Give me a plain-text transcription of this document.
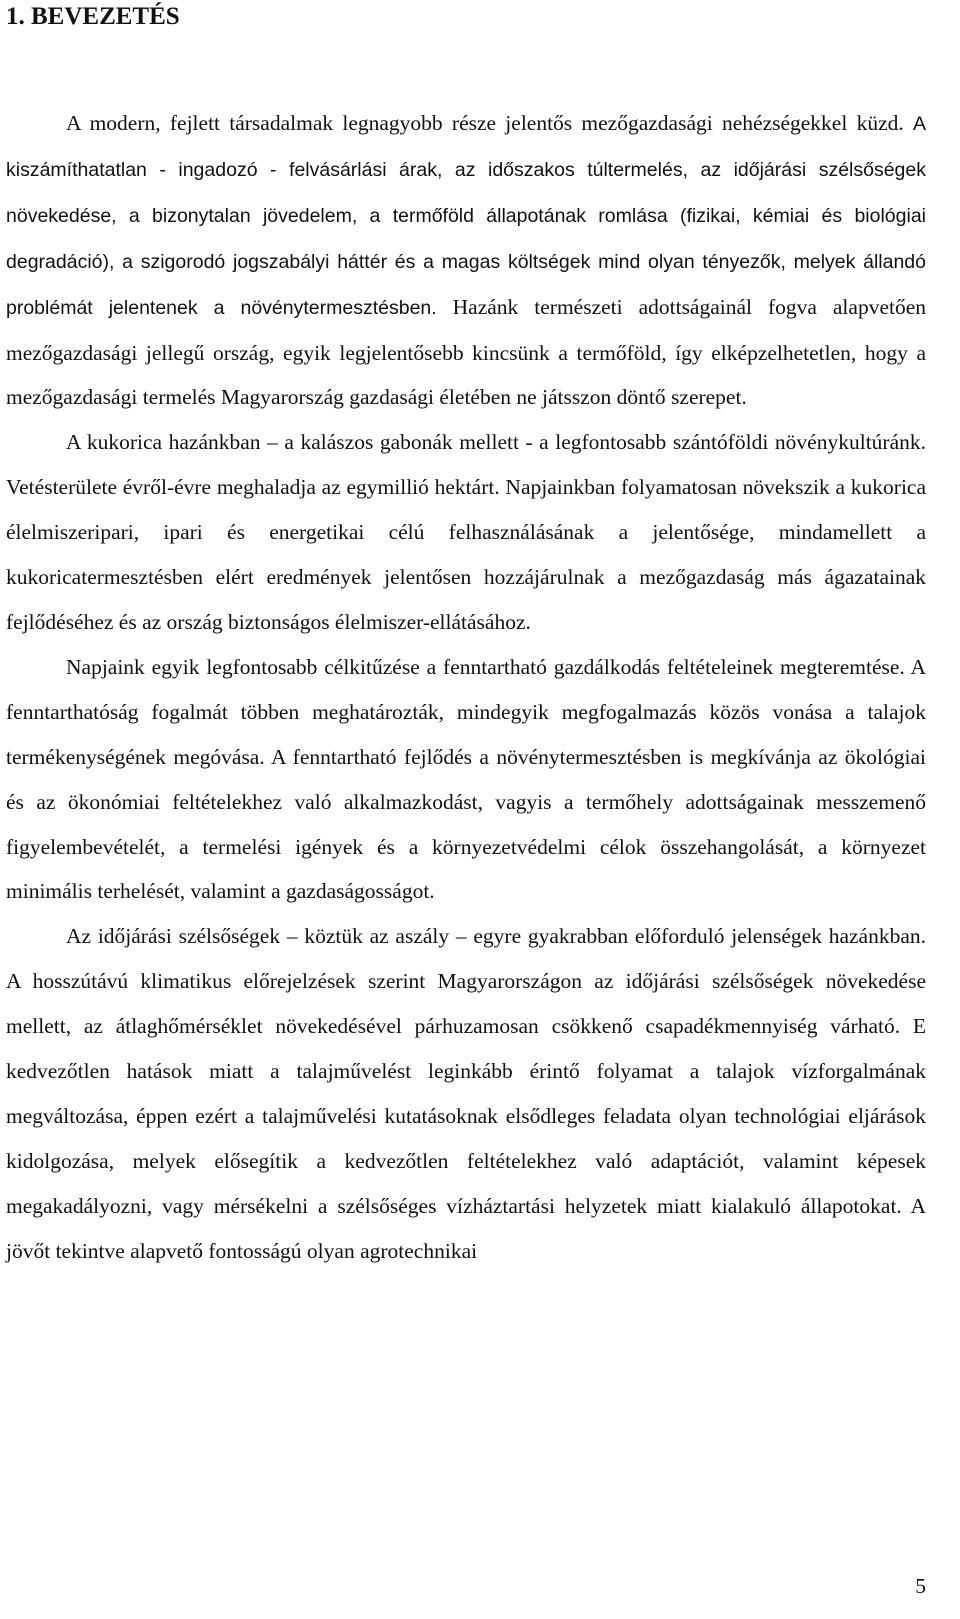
1. BEVEZETÉS

A modern, fejlett társadalmak legnagyobb része jelentős mezőgazdasági nehézségekkel küzd. A kiszámíthatatlan - ingadozó - felvásárlási árak, az időszakos túltermelés, az időjárási szélsőségek növekedése, a bizonytalan jövedelem, a termőföld állapotának romlása (fizikai, kémiai és biológiai degradáció), a szigorodó jogszabályi háttér és a magas költségek mind olyan tényezők, melyek állandó problémát jelentenek a növénytermesztésben. Hazánk természeti adottságainál fogva alapvetően mezőgazdasági jellegű ország, egyik legjelentősebb kincsünk a termőföld, így elképzelhetetlen, hogy a mezőgazdasági termelés Magyarország gazdasági életében ne játsszon döntő szerepet.

A kukorica hazánkban – a kalászos gabonák mellett - a legfontosabb szántóföldi növénykultúránk. Vetésterülete évről-évre meghaladja az egymillió hektárt. Napjainkban folyamatosan növekszik a kukorica élelmiszeripari, ipari és energetikai célú felhasználásának a jelentősége, mindamellett a kukoricatermesztésben elért eredmények jelentősen hozzájárulnak a mezőgazdaság más ágazatainak fejlődéséhez és az ország biztonságos élelmiszer-ellátásához.

Napjaink egyik legfontosabb célkitűzése a fenntartható gazdálkodás feltételeinek megteremtése. A fenntarthatóság fogalmát többen meghatározták, mindegyik megfogalmazás közös vonása a talajok termékenységének megóvása. A fenntartható fejlődés a növénytermesztésben is megkívánja az ökológiai és az ökonómiai feltételekhez való alkalmazkodást, vagyis a termőhely adottságainak messzemenő figyelembevételét, a termelési igények és a környezetvédelmi célok összehangolását, a környezet minimális terhelését, valamint a gazdaságosságot.

Az időjárási szélsőségek – köztük az aszály – egyre gyakrabban előforduló jelenségek hazánkban. A hosszútávú klimatikus előrejelzések szerint Magyarországon az időjárási szélsőségek növekedése mellett, az átlaghőmérséklet növekedésével párhuzamosan csökkenő csapadékmennyiség várható. E kedvezőtlen hatások miatt a talajművelést leginkább érintő folyamat a talajok vízforgalmának megváltozása, éppen ezért a talajművelési kutatásoknak elsődleges feladata olyan technológiai eljárások kidolgozása, melyek elősegítik a kedvezőtlen feltételekhez való adaptációt, valamint képesek megakadályozni, vagy mérsékelni a szélsőséges vízháztartási helyzetek miatt kialakuló állapotokat. A jövőt tekintve alapvető fontosságú olyan agrotechnikai

5
